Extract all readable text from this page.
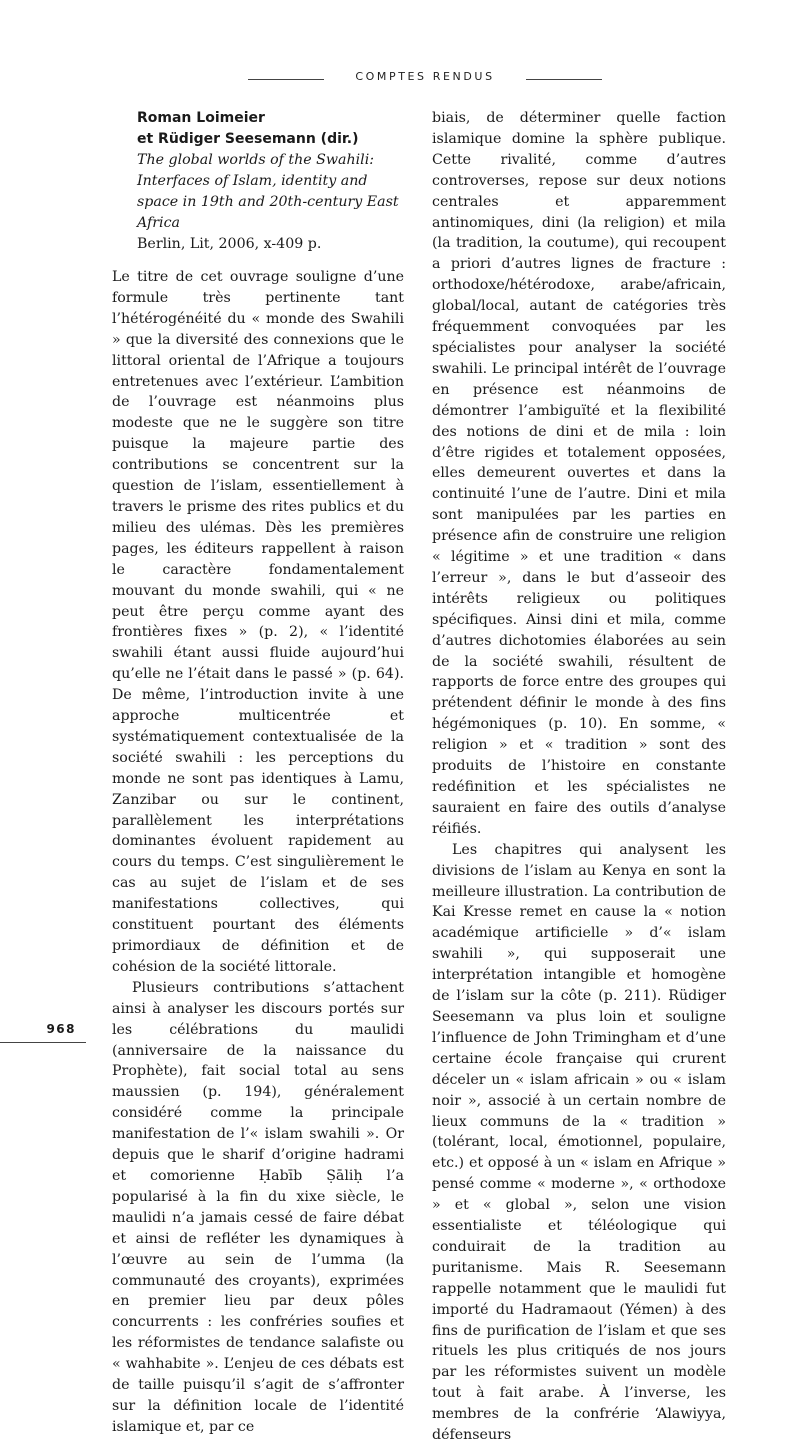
COMPTES RENDUS
Roman Loimeier
et Rüdiger Seesemann (dir.)
The global worlds of the Swahili: Interfaces of Islam, identity and space in 19th and 20th-century East Africa
Berlin, Lit, 2006, x-409 p.

Le titre de cet ouvrage souligne d’une formule très pertinente tant l’hétérogénéité du « monde des Swahili » que la diversité des connexions que le littoral oriental de l’Afrique a toujours entretenues avec l’extérieur. L’ambition de l’ouvrage est néanmoins plus modeste que ne le suggère son titre puisque la majeure partie des contributions se concentrent sur la question de l’islam, essentiellement à travers le prisme des rites publics et du milieu des ulémas. Dès les premières pages, les éditeurs rappellent à raison le caractère fondamentalement mouvant du monde swahili, qui « ne peut être perçu comme ayant des frontières fixes » (p. 2), « l’identité swahili étant aussi fluide aujourd’hui qu’elle ne l’était dans le passé » (p. 64). De même, l’introduction invite à une approche multicentrée et systématiquement contextualisée de la société swahili : les perceptions du monde ne sont pas identiques à Lamu, Zanzibar ou sur le continent, parallèlement les interprétations dominantes évoluent rapidement au cours du temps. C’est singulièrement le cas au sujet de l’islam et de ses manifestations collectives, qui constituent pourtant des éléments primordiaux de définition et de cohésion de la société littorale.

Plusieurs contributions s’attachent ainsi à analyser les discours portés sur les célébrations du maulidi (anniversaire de la naissance du Prophète), fait social total au sens maussien (p. 194), généralement considéré comme la principale manifestation de l’« islam swahili ». Or depuis que le sharif d’origine hadrami et comorienne Ḥabīb Ṣāliḥ l’a popularisé à la fin du xixe siècle, le maulidi n’a jamais cessé de faire débat et ainsi de refléter les dynamiques à l’œuvre au sein de l’umma (la communauté des croyants), exprimées en premier lieu par deux pôles concurrents : les confréries soufies et les réformistes de tendance salafiste ou « wahhabite ». L’enjeu de ces débats est de taille puisqu’il s’agit de s’affronter sur la définition locale de l’identité islamique et, par ce

biais, de déterminer quelle faction islamique domine la sphère publique. Cette rivalité, comme d’autres controverses, repose sur deux notions centrales et apparemment antinomiques, dini (la religion) et mila (la tradition, la coutume), qui recoupent a priori d’autres lignes de fracture : orthodoxe/hétérodoxe, arabe/africain, global/local, autant de catégories très fréquemment convoquées par les spécialistes pour analyser la société swahili. Le principal intérêt de l’ouvrage en présence est néanmoins de démontrer l’ambiguïté et la flexibilité des notions de dini et de mila : loin d’être rigides et totalement opposées, elles demeurent ouvertes et dans la continuité l’une de l’autre. Dini et mila sont manipulées par les parties en présence afin de construire une religion « légitime » et une tradition « dans l’erreur », dans le but d’asseoir des intérêts religieux ou politiques spécifiques. Ainsi dini et mila, comme d’autres dichotomies élaborées au sein de la société swahili, résultent de rapports de force entre des groupes qui prétendent définir le monde à des fins hégémoniques (p. 10). En somme, « religion » et « tradition » sont des produits de l’histoire en constante redéfinition et les spécialistes ne sauraient en faire des outils d’analyse réifiés.

Les chapitres qui analysent les divisions de l’islam au Kenya en sont la meilleure illustration. La contribution de Kai Kresse remet en cause la « notion académique artificielle » d’« islam swahili », qui supposerait une interprétation intangible et homogène de l’islam sur la côte (p. 211). Rüdiger Seesemann va plus loin et souligne l’influence de John Trimingham et d’une certaine école française qui crurent déceler un « islam africain » ou « islam noir », associé à un certain nombre de lieux communs de la « tradition » (tolérant, local, émotionnel, populaire, etc.) et opposé à un « islam en Afrique » pensé comme « moderne », « orthodoxe » et « global », selon une vision essentialiste et téléologique qui conduirait de la tradition au puritanisme. Mais R. Seesemann rappelle notamment que le maulidi fut importé du Hadramaout (Yémen) à des fins de purification de l’islam et que ses rituels les plus critiqués de nos jours par les réformistes suivent un modèle tout à fait arabe. À l’inverse, les membres de la confrérie ‘Alawiyya, défenseurs

968
